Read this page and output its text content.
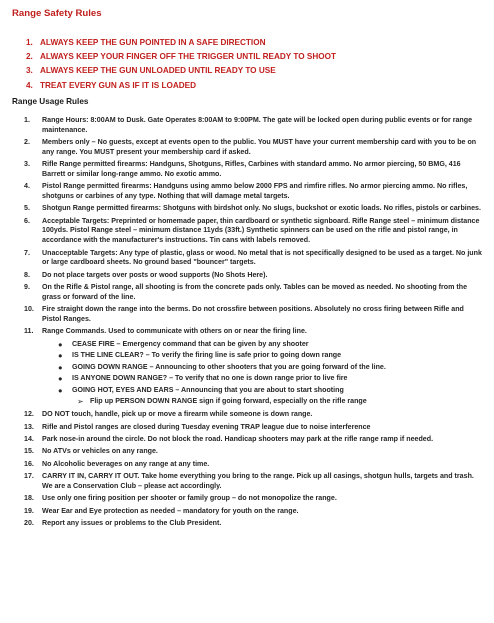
Range Safety Rules
1. ALWAYS KEEP THE GUN POINTED IN A SAFE DIRECTION
2. ALWAYS KEEP YOUR FINGER OFF THE TRIGGER UNTIL READY TO SHOOT
3. ALWAYS KEEP THE GUN UNLOADED UNTIL READY TO USE
4. TREAT EVERY GUN AS IF IT IS LOADED
Range Usage Rules
1. Range Hours: 8:00AM to Dusk. Gate Operates 8:00AM to 9:00PM. The gate will be locked open during public events or for range maintenance.
2. Members only – No guests, except at events open to the public. You MUST have your current membership card with you to be on any range. You MUST present your membership card if asked.
3. Rifle Range permitted firearms: Handguns, Shotguns, Rifles, Carbines with standard ammo. No armor piercing, 50 BMG, 416 Barrett or similar long-range ammo. No exotic ammo.
4. Pistol Range permitted firearms: Handguns using ammo below 2000 FPS and rimfire rifles. No armor piercing ammo. No rifles, shotguns or carbines of any type. Nothing that will damage metal targets.
5. Shotgun Range permitted firearms: Shotguns with birdshot only. No slugs, buckshot or exotic loads. No rifles, pistols or carbines.
6. Acceptable Targets: Preprinted or homemade paper, thin cardboard or synthetic signboard. Rifle Range steel – minimum distance 100yds. Pistol Range steel – minimum distance 11yds (33ft.) Synthetic spinners can be used on the rifle and pistol range, in accordance with the manufacturer's instructions. Tin cans with labels removed.
7. Unacceptable Targets: Any type of plastic, glass or wood. No metal that is not specifically designed to be used as a target. No junk or large cardboard sheets. No ground based "bouncer" targets.
8. Do not place targets over posts or wood supports (No Shots Here).
9. On the Rifle & Pistol range, all shooting is from the concrete pads only. Tables can be moved as needed. No shooting from the grass or forward of the line.
10. Fire straight down the range into the berms. Do not crossfire between positions. Absolutely no cross firing between Rifle and Pistol Ranges.
11. Range Commands. Used to communicate with others on or near the firing line.
● CEASE FIRE – Emergency command that can be given by any shooter
● IS THE LINE CLEAR? – To verify the firing line is safe prior to going down range
● GOING DOWN RANGE – Announcing to other shooters that you are going forward of the line.
● IS ANYONE DOWN RANGE? – To verify that no one is down range prior to live fire
● GOING HOT, EYES AND EARS – Announcing that you are about to start shooting
➢ Flip up PERSON DOWN RANGE sign if going forward, especially on the rifle range
12. DO NOT touch, handle, pick up or move a firearm while someone is down range.
13. Rifle and Pistol ranges are closed during Tuesday evening TRAP league due to noise interference
14. Park nose-in around the circle. Do not block the road. Handicap shooters may park at the rifle range ramp if needed.
15. No ATVs or vehicles on any range.
16. No Alcoholic beverages on any range at any time.
17. CARRY IT IN, CARRY IT OUT. Take home everything you bring to the range. Pick up all casings, shotgun hulls, targets and trash. We are a Conservation Club – please act accordingly.
18. Use only one firing position per shooter or family group – do not monopolize the range.
19. Wear Ear and Eye protection as needed – mandatory for youth on the range.
20. Report any issues or problems to the Club President.
